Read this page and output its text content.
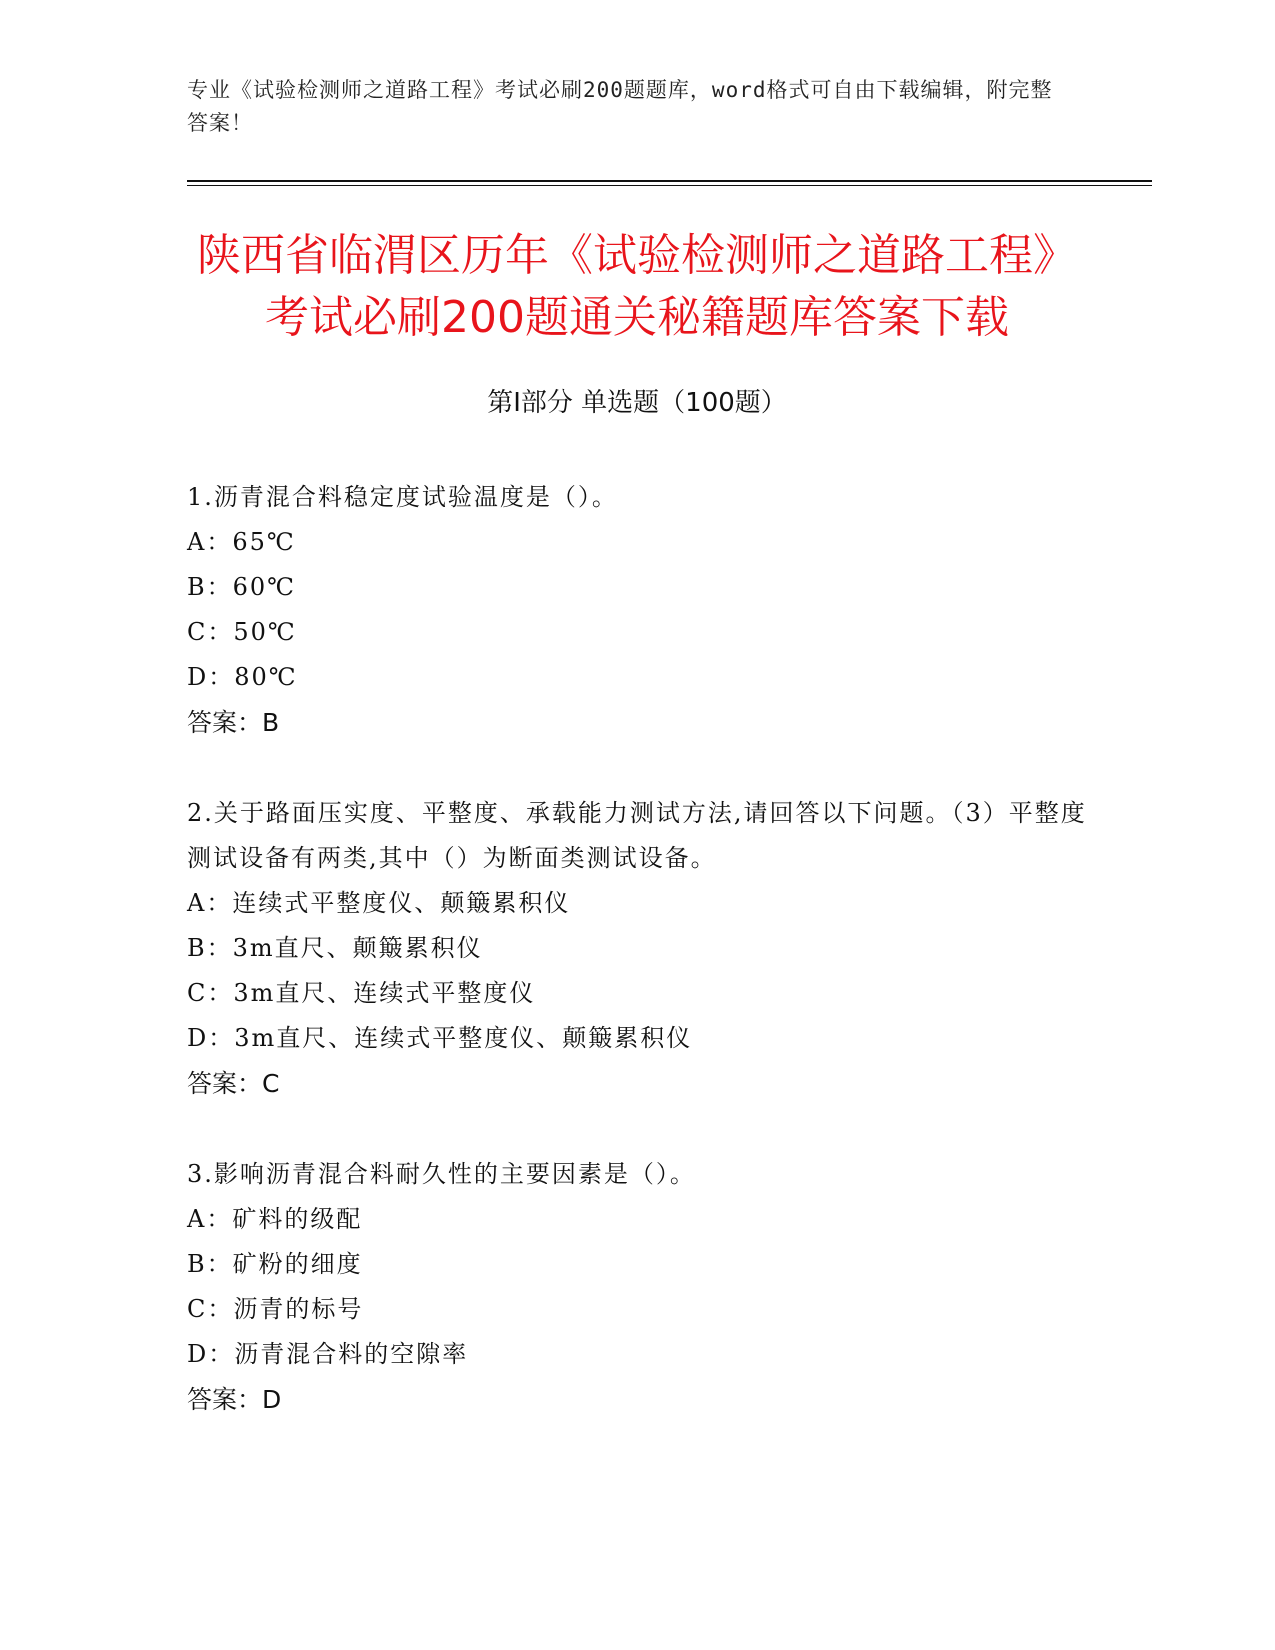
专业《试验检测师之道路工程》考试必刷200题题库，word格式可自由下载编辑，附完整答案！
陕西省临渭区历年《试验检测师之道路工程》考试必刷200题通关秘籍题库答案下载
第I部分 单选题（100题）
1.沥青混合料稳定度试验温度是（）。
A：65℃
B：60℃
C：50℃
D：80℃
答案：B
2.关于路面压实度、平整度、承载能力测试方法,请回答以下问题。（3）平整度测试设备有两类,其中（）为断面类测试设备。
A：连续式平整度仪、颠簸累积仪
B：3m直尺、颠簸累积仪
C：3m直尺、连续式平整度仪
D：3m直尺、连续式平整度仪、颠簸累积仪
答案：C
3.影响沥青混合料耐久性的主要因素是（）。
A：矿料的级配
B：矿粉的细度
C：沥青的标号
D：沥青混合料的空隙率
答案：D
